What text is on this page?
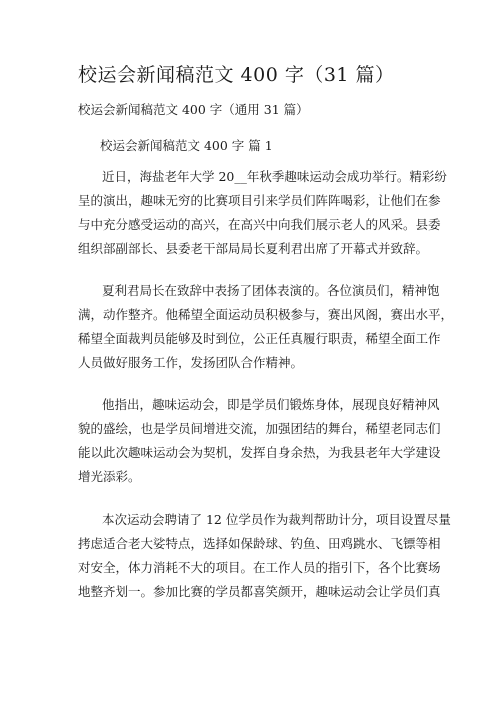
校运会新闻稿范文 400 字（31 篇）
校运会新闻稿范文 400 字（通用 31 篇）
校运会新闻稿范文 400 字 篇 1
近日，海盐老年大学 20__年秋季趣味运动会成功举行。精彩纷
呈的演出，趣味无穷的比赛项目引来学员们阵阵喝彩，让他们在参
与中充分感受运动的高兴，在高兴中向我们展示老人的风采。县委
组织部副部长、县委老干部局局长夏利君出席了开幕式并致辞。
夏利君局长在致辞中表扬了团体表演的。各位演员们，精神饱
满，动作整齐。他稀望全面运动员积极参与，赛出风阁，赛出水平，
稀望全面裁判员能够及时到位，公正任真履行职责，稀望全面工作
人员做好服务工作，发扬团队合作精神。
他指出，趣味运动会，即是学员们锻炼身体，展现良好精神风
貌的盛绘，也是学员间增进交流，加强团结的舞台，稀望老同志们
能以此次趣味运动会为契机，发挥自身余热，为我县老年大学建设
增光添彩。
本次运动会聘请了 12 位学员作为裁判帮助计分，项目设置尽量
拷虑适合老大娑特点，选择如保龄球、钓鱼、田鸡跳水、飞镖等相
对安全，体力消耗不大的项目。在工作人员的指引下，各个比赛场
地整齐划一。参加比赛的学员都喜笑颜开，趣味运动会让学员们真
